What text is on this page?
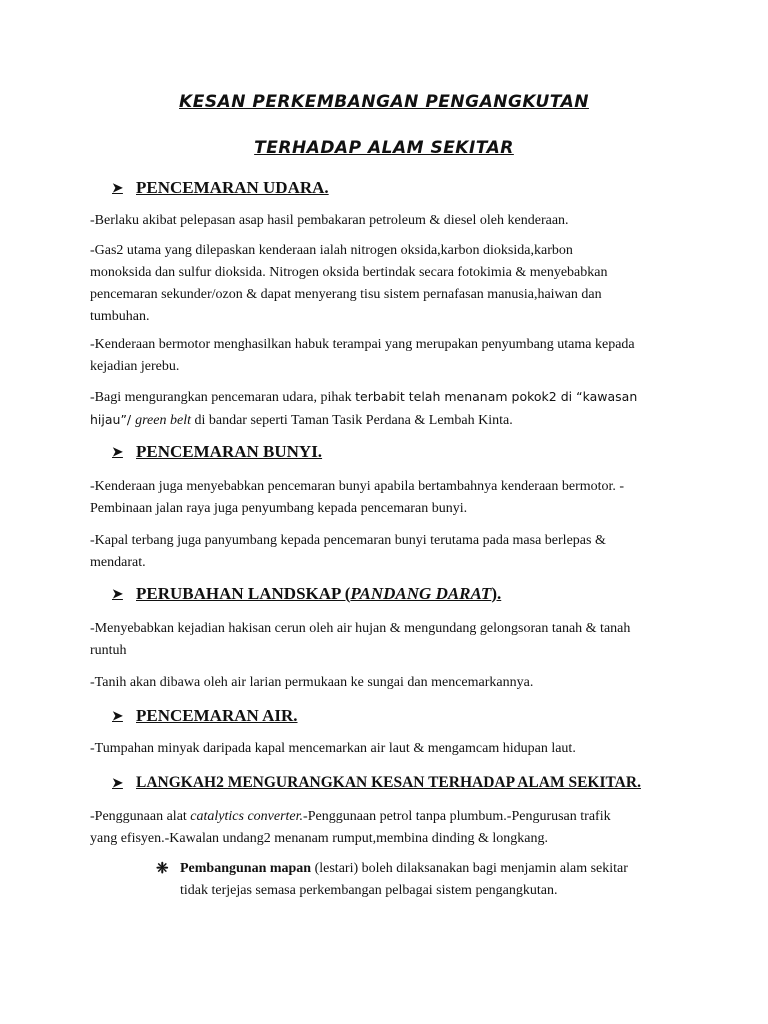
KESAN PERKEMBANGAN PENGANGKUTAN
TERHADAP ALAM SEKITAR
➤ PENCEMARAN UDARA.
-Berlaku akibat pelepasan asap hasil pembakaran petroleum & diesel oleh kenderaan.
-Gas2 utama yang dilepaskan kenderaan ialah nitrogen oksida,karbon dioksida,karbon
monoksida dan sulfur dioksida. Nitrogen oksida bertindak secara fotokimia & menyebabkan
pencemaran sekunder/ozon & dapat menyerang tisu sistem pernafasan manusia,haiwan dan
tumbuhan.
-Kenderaan bermotor menghasilkan habuk terampai yang merupakan penyumbang utama kepada
kejadian jerebu.
-Bagi mengurangkan pencemaran udara, pihak terbabit telah menanam pokok2 di “kawasan
hijau”/ green belt di bandar seperti Taman Tasik Perdana & Lembah Kinta.
➤ PENCEMARAN BUNYI.
-Kenderaan juga menyebabkan pencemaran bunyi apabila bertambahnya kenderaan bermotor. -
Pembinaan jalan raya juga penyumbang kepada pencemaran bunyi.
-Kapal terbang juga panyumbang kepada pencemaran bunyi terutama pada masa berlepas &
mendarat.
➤ PERUBAHAN LANDSKAP (PANDANG DARAT).
-Menyebabkan kejadian hakisan cerun oleh air hujan & mengundang gelongsoran tanah & tanah
runtuh
-Tanih akan dibawa oleh air larian permukaan ke sungai dan mencemarkannya.
➤ PENCEMARAN AIR.
-Tumpahan minyak daripada kapal mencemarkan air laut & mengamcam hidupan laut.
➤ LANGKAH2 MENGURANGKAN KESAN TERHADAP ALAM SEKITAR.
-Penggunaan alat catalytics converter.-Penggunaan petrol tanpa plumbum.-Pengurusan trafik
yang efisyen.-Kawalan undang2 menanam rumput,membina dinding & longkang.
❈ Pembangunan mapan (lestari) boleh dilaksanakan bagi menjamin alam sekitar
tidak terjejas semasa perkembangan pelbagai sistem pengangkutan.
